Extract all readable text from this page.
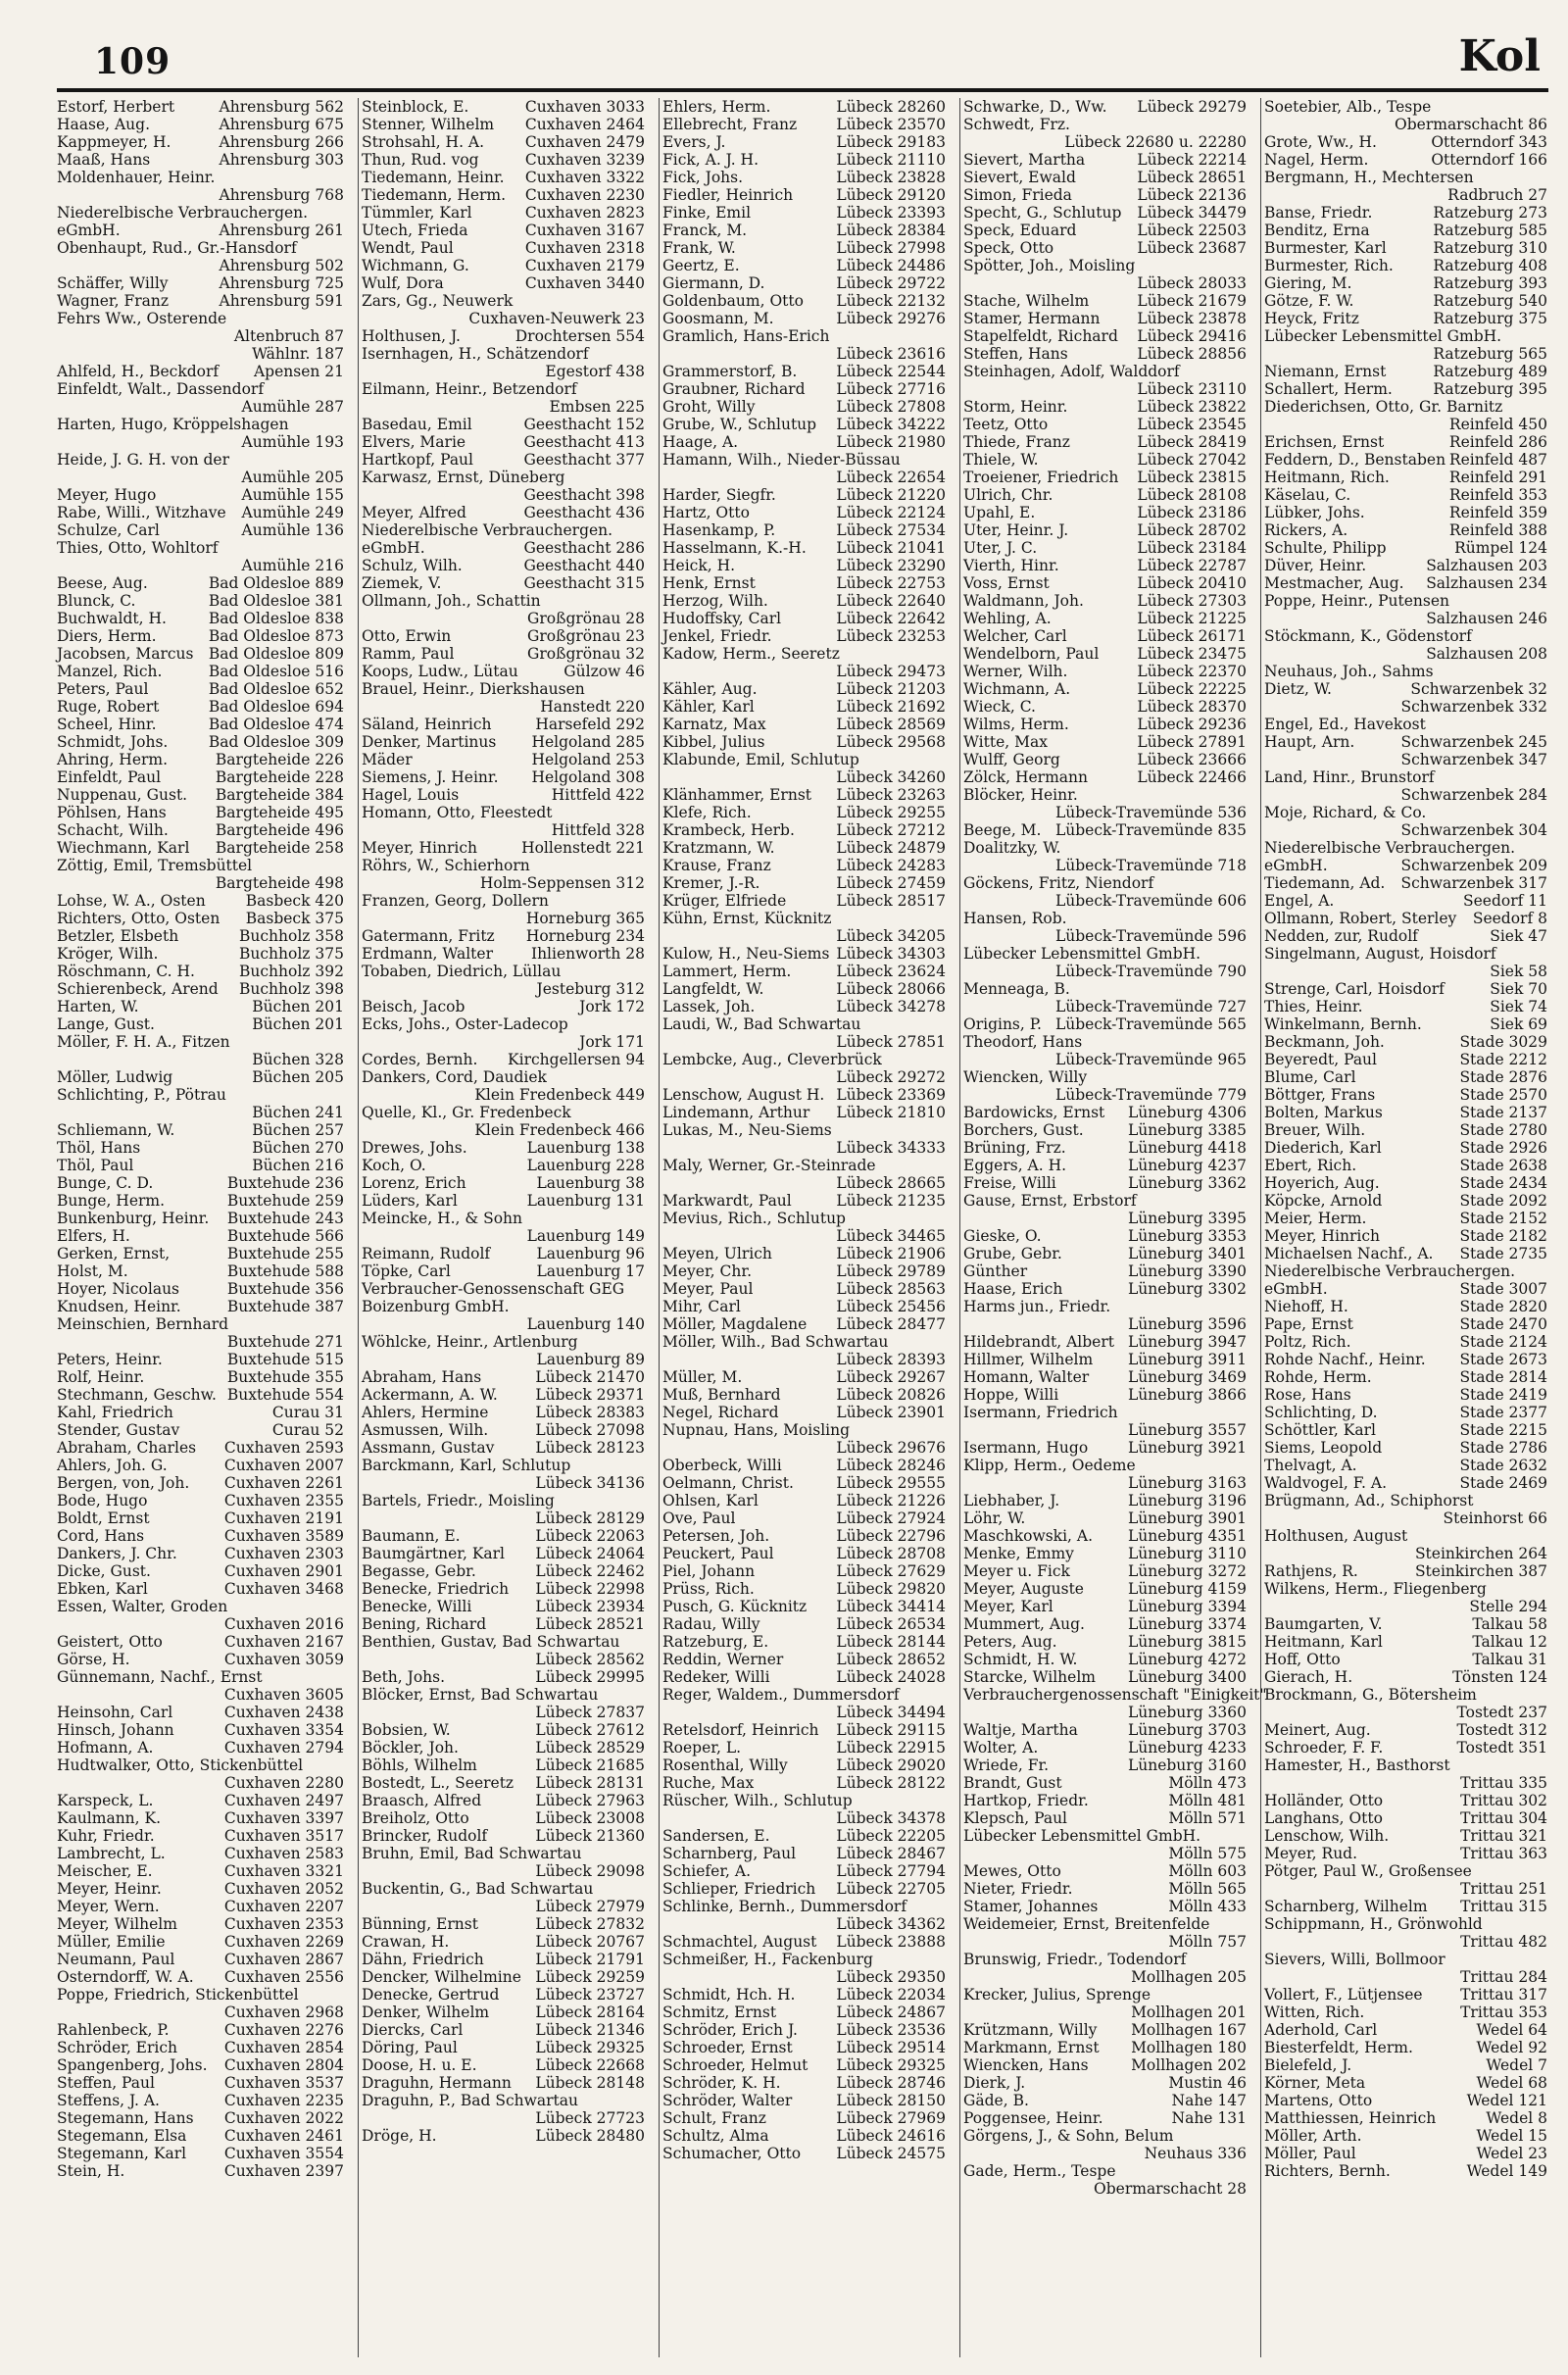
109	Kol
Estorf, Herbert	Ahrensburg 562
Haase, Aug.	Ahrensburg 675
Kappmeyer, H.	Ahrensburg 266
Maaß, Hans	Ahrensburg 303
Moldenhauer, Heinr.
Ahrensburg 768
Niederelbische Verbrauchergen.
eGmbH.	Ahrensburg 261
Obenhaupt, Rud., Gr.-Hansdorf
Ahrensburg 502
Schäffer, Willy	Ahrensburg 725
Wagner, Franz	Ahrensburg 591
Fehrs Ww., Osterende
Altenbruch 87
Wählnr. 187
Ahlfeld, H., Beckdorf Apensen 21
Einfeldt, Walt., Dassendorf
Aumühle 287
Harten, Hugo, Kröppelshagen
Aumühle 193
Heide, J. G. H. von der
Aumühle 205
Meyer, Hugo	Aumühle 155
Rabe, Willi., Witzhave Aumühle 249
Schulze, Carl	Aumühle 136
Thies, Otto, Wohltorf
Aumühle 216
Beese, Aug.	Bad Oldesloe 889
Blunck, C.	Bad Oldesloe 381
Buchwaldt, H.	Bad Oldesloe 838
Diers, Herm.	Bad Oldesloe 873
Jacobsen, Marcus Bad Oldesloe 809
Manzel, Rich.	Bad Oldesloe 516
Peters, Paul	Bad Oldesloe 652
Ruge, Robert	Bad Oldesloe 694
Scheel, Hinr.	Bad Oldesloe 474
Schmidt, Johs.	Bad Oldesloe 309
Ahring, Herm.	Bargteheide 226
Einfeldt, Paul	Bargteheide 228
Nuppenau, Gust. Bargteheide 384
Pöhlsen, Hans	Bargteheide 495
Schacht, Wilh.	Bargteheide 496
Wiechmann, Karl Bargteheide 258
Zöttig, Emil, Tremsbüttel
Bargteheide 498
Lohse, W. A., Osten	Basbeck 420
Richters, Otto, Osten Basbeck 375
Betzler, Elsbeth	Buchholz 358
Kröger, Wilh.	Buchholz 375
Röschmann, C. H.	Buchholz 392
Schierenbeck, Arend Buchholz 398
Harten, W.	Büchen 201
Lange, Gust.	Büchen 201
Möller, F. H. A., Fitzen
Büchen 328
Möller, Ludwig	Büchen 205
Schlichting, P., Pötrau
Büchen 241
Schliemann, W.	Büchen 257
Thöl, Hans	Büchen 270
Thöl, Paul	Büchen 216
Bunge, C. D.	Buxtehude 236
Bunge, Herm.	Buxtehude 259
Bunkenburg, Heinr. Buxtehude 243
Elfers, H.	Buxtehude 566
Gerken, Ernst,	Buxtehude 255
Holst, M.	Buxtehude 588
Hoyer, Nicolaus	Buxtehude 356
Knudsen, Heinr.	Buxtehude 387
Meinschien, Bernhard
Buxtehude 271
Peters, Heinr.	Buxtehude 515
Rolf, Heinr.	Buxtehude 355
Stechmann, Geschw. Buxtehude 554
Kahl, Friedrich	Curau 31
Stender, Gustav	Curau 52
Abraham, Charles Cuxhaven 2593
Ahlers, Joh. G.	Cuxhaven 2007
Bergen, von, Joh. Cuxhaven 2261
Bode, Hugo	Cuxhaven 2355
Boldt, Ernst	Cuxhaven 2191
Cord, Hans	Cuxhaven 3589
Dankers, J. Chr.	Cuxhaven 2303
Dicke, Gust.	Cuxhaven 2901
Ebken, Karl	Cuxhaven 3468
Essen, Walter, Groden
Cuxhaven 2016
Geistert, Otto	Cuxhaven 2167
Görse, H.	Cuxhaven 3059
Günnemann, Nachf., Ernst
Cuxhaven 3605
Heinsohn, Carl	Cuxhaven 2438
Hinsch, Johann	Cuxhaven 3354
Hofmann, A.	Cuxhaven 2794
Hudtwalker, Otto, Stickenbüttel
Cuxhaven 2280
Karspeck, L.	Cuxhaven 2497
Kaulmann, K.	Cuxhaven 3397
Kuhr, Friedr.	Cuxhaven 3517
Lambrecht, L.	Cuxhaven 2583
Meischer, E.	Cuxhaven 3321
Meyer, Heinr.	Cuxhaven 2052
Meyer, Wern.	Cuxhaven 2207
Meyer, Wilhelm	Cuxhaven 2353
Müller, Emilie	Cuxhaven 2269
Neumann, Paul	Cuxhaven 2867
Osterndorff, W. A. Cuxhaven 2556
Poppe, Friedrich, Stickenbüttel
Cuxhaven 2968
Rahlenbeck, P.	Cuxhaven 2276
Schröder, Erich	Cuxhaven 2854
Spangenberg, Johs. Cuxhaven 2804
Steffen, Paul	Cuxhaven 3537
Steffens, J. A.	Cuxhaven 2235
Stegemann, Hans Cuxhaven 2022
Stegemann, Elsa Cuxhaven 2461
Stegemann, Karl	Cuxhaven 3554
Stein, H.	Cuxhaven 2397
Steinblock, E.	Cuxhaven 3033
Stenner, Wilhelm Cuxhaven 2464
Strohsahl, H. A.	Cuxhaven 2479
Thun, Rud. vog	Cuxhaven 3239
Tiedemann, Heinr. Cuxhaven 3322
Tiedemann, Herm. Cuxhaven 2230
Tümmler, Karl	Cuxhaven 2823
Utech, Frieda	Cuxhaven 3167
Wendt, Paul	Cuxhaven 2318
Wichmann, G.	Cuxhaven 2179
Wulf, Dora	Cuxhaven 3440
Zars, Gg., Neuwerk
Cuxhaven-Neuwerk 23
Holthusen, J.	Drochtersen 554
Isernhagen, H., Schätzendorf
Egestorf 438
Eilmann, Heinr., Betzendorf
Embsen 225
Basedau, Emil	Geesthacht 152
Elvers, Marie	Geesthacht 413
Hartkopf, Paul	Geesthacht 377
Karwasz, Ernst, Düneberg
Geesthacht 398
Meyer, Alfred	Geesthacht 436
Niederelbische Verbrauchergen.
eGmbH.	Geesthacht 286
Schulz, Wilh.	Geesthacht 440
Ziemek, V.	Geesthacht 315
Ollmann, Joh., Schattin
Großgrönau 28
Otto, Erwin	Großgrönau 23
Ramm, Paul	Großgrönau 32
Koops, Ludw., Lütau	Gülzow 46
Brauel, Heinr., Dierkshausen
Hanstedt 220
Säland, Heinrich	Harsefeld 292
Denker, Martinus Helgoland 285
Mäder	Helgoland 253
Siemens, J. Heinr. Helgoland 308
Hagel, Louis	Hittfeld 422
Homann, Otto, Fleestedt
Hittfeld 328
Meyer, Hinrich	Hollenstedt 221
Röhrs, W., Schierhorn
Holm-Seppensen 312
Franzen, Georg, Dollern
Horneburg 365
Gatermann, Fritz Horneburg 234
Erdmann, Walter	Ihlienworth 28
Tobaben, Diedrich, Lüllau
Jesteburg 312
Beisch, Jacob	Jork 172
Ecks, Johs., Oster-Ladecop
Jork 171
Cordes, Bernh. Kirchgellersen 94
Dankers, Cord, Daudiek
Klein Fredenbeck 449
Quelle, Kl., Gr. Fredenbeck
Klein Fredenbeck 466
Drewes, Johs.	Lauenburg 138
Koch, O.	Lauenburg 228
Lorenz, Erich	Lauenburg 38
Lüders, Karl	Lauenburg 131
Meincke, H., & Sohn
Lauenburg 149
Reimann, Rudolf	Lauenburg 96
Töpke, Carl	Lauenburg 17
Verbraucher-Genossenschaft GEG
Boizenburg GmbH.
Lauenburg 140
Wöhlcke, Heinr., Artlenburg
Lauenburg 89
Abraham, Hans	Lübeck 21470
Ackermann, A. W. Lübeck 29371
Ahlers, Hermine	Lübeck 28383
Asmussen, Wilh.	Lübeck 27098
Assmann, Gustav	Lübeck 28123
Barckmann, Karl, Schlutup
Lübeck 34136
Bartels, Friedr., Moisling
Lübeck 28129
Baumann, E.	Lübeck 22063
Baumgärtner, Karl Lübeck 24064
Begasse, Gebr.	Lübeck 22462
Benecke, Friedrich Lübeck 22998
Benecke, Willi	Lübeck 23934
Bening, Richard	Lübeck 28521
Benthien, Gustav, Bad Schwartau
Lübeck 28562
Beth, Johs.	Lübeck 29995
Blöcker, Ernst, Bad Schwartau
Lübeck 27837
Bobsien, W.	Lübeck 27612
Böckler, Joh.	Lübeck 28529
Böhls, Wilhelm	Lübeck 21685
Bostedt, L., Seeretz Lübeck 28131
Braasch, Alfred	Lübeck 27963
Breiholz, Otto	Lübeck 23008
Brincker, Rudolf	Lübeck 21360
Bruhn, Emil, Bad Schwartau
Lübeck 29098
Buckentin, G., Bad Schwartau
Lübeck 27979
Bünning, Ernst	Lübeck 27832
Crawan, H.	Lübeck 20767
Dähn, Friedrich	Lübeck 21791
Dencker, Wilhelmine Lübeck 29259
Denecke, Gertrud Lübeck 23727
Denker, Wilhelm	Lübeck 28164
Diercks, Carl	Lübeck 21346
Döring, Paul	Lübeck 29325
Doose, H. u. E.	Lübeck 22668
Draguhn, Hermann Lübeck 28148
Draguhn, P., Bad Schwartau
Lübeck 27723
Dröge, H.	Lübeck 28480
Ehlers, Herm.	Lübeck 28260
Ellebrecht, Franz	Lübeck 23570
Evers, J.	Lübeck 29183
Fick, A. J. H.	Lübeck 21110
Fick, Johs.	Lübeck 23828
Fiedler, Heinrich	Lübeck 29120
Finke, Emil	Lübeck 23393
Franck, M.	Lübeck 28384
Frank, W.	Lübeck 27998
Geertz, E.	Lübeck 24486
Giermann, D.	Lübeck 29722
Goldenbaum, Otto Lübeck 22132
Goosmann, M.	Lübeck 29276
Gramlich, Hans-Erich
Lübeck 23616
Grammerstorf, B.	Lübeck 22544
Graubner, Richard Lübeck 27716
Groht, Willy	Lübeck 27808
Grube, W., Schlutup Lübeck 34222
Haage, A.	Lübeck 21980
Hamann, Wilh., Nieder-Büssau
Lübeck 22654
Harder, Siegfr.	Lübeck 21220
Hartz, Otto	Lübeck 22124
Hasenkamp, P.	Lübeck 27534
Hasselmann, K.-H. Lübeck 21041
Heick, H.	Lübeck 23290
Henk, Ernst	Lübeck 22753
Herzog, Wilh.	Lübeck 22640
Hudoffsky, Carl	Lübeck 22642
Jenkel, Friedr.	Lübeck 23253
Kadow, Herm., Seeretz
Lübeck 29473
Kähler, Aug.	Lübeck 21203
Kähler, Karl	Lübeck 21692
Karnatz, Max	Lübeck 28569
Kibbel, Julius	Lübeck 29568
Klabunde, Emil, Schlutup
Lübeck 34260
Klänhammer, Ernst Lübeck 23263
Klefe, Rich.	Lübeck 29255
Krambeck, Herb.	Lübeck 27212
Kratzmann, W.	Lübeck 24879
Krause, Franz	Lübeck 24283
Kremer, J.-R.	Lübeck 27459
Krüger, Elfriede	Lübeck 28517
Kühn, Ernst, Kücknitz
Lübeck 34205
Kulow, H., Neu-Siems Lübeck 34303
Lammert, Herm.	Lübeck 23624
Langfeldt, W.	Lübeck 28066
Lassek, Joh.	Lübeck 34278
Laudi, W., Bad Schwartau
Lübeck 27851
Lembcke, Aug., Cleverbrück
Lübeck 29272
Lenschow, August H. Lübeck 23369
Lindemann, Arthur Lübeck 21810
Lukas, M., Neu-Siems
Lübeck 34333
Maly, Werner, Gr.-Steinrade
Lübeck 28665
Markwardt, Paul	Lübeck 21235
Mevius, Rich., Schlutup
Lübeck 34465
Meyen, Ulrich	Lübeck 21906
Meyer, Chr.	Lübeck 29789
Meyer, Paul	Lübeck 28563
Mihr, Carl	Lübeck 25456
Möller, Magdalene Lübeck 28477
Möller, Wilh., Bad Schwartau
Lübeck 28393
Müller, M.	Lübeck 29267
Muß, Bernhard	Lübeck 20826
Negel, Richard	Lübeck 23901
Nupnau, Hans, Moisling
Lübeck 29676
Oberbeck, Willi	Lübeck 28246
Oelmann, Christ.	Lübeck 29555
Ohlsen, Karl	Lübeck 21226
Ove, Paul	Lübeck 27924
Petersen, Joh.	Lübeck 22796
Peuckert, Paul	Lübeck 28708
Piel, Johann	Lübeck 27629
Prüss, Rich.	Lübeck 29820
Pusch, G. Kücknitz Lübeck 34414
Radau, Willy	Lübeck 26534
Ratzeburg, E.	Lübeck 28144
Reddin, Werner	Lübeck 28652
Redeker, Willi	Lübeck 24028
Reger, Waldem., Dummersdorf
Lübeck 34494
Retelsdorf, Heinrich Lübeck 29115
Roeper, L.	Lübeck 22915
Rosenthal, Willy	Lübeck 29020
Ruche, Max	Lübeck 28122
Rüscher, Wilh., Schlutup
Lübeck 34378
Sandersen, E.	Lübeck 22205
Scharnberg, Paul	Lübeck 28467
Schiefer, A.	Lübeck 27794
Schlieper, Friedrich Lübeck 22705
Schlinke, Bernh., Dummersdorf
Lübeck 34362
Schmachtel, August Lübeck 23888
Schmeißer, H., Fackenburg
Lübeck 29350
Schmidt, Hch. H.	Lübeck 22034
Schmitz, Ernst	Lübeck 24867
Schröder, Erich J.	Lübeck 23536
Schroeder, Ernst	Lübeck 29514
Schroeder, Helmut Lübeck 29325
Schröder, K. H.	Lübeck 28746
Schröder, Walter	Lübeck 28150
Schult, Franz	Lübeck 27969
Schultz, Alma	Lübeck 24616
Schumacher, Otto Lübeck 24575
Schwarke, D., Ww. Lübeck 29279
Schwedt, Frz.
Lübeck 22680 u. 22280
Sievert, Martha	Lübeck 22214
Sievert, Ewald	Lübeck 28651
Simon, Frieda	Lübeck 22136
Specht, G., Schlutup Lübeck 34479
Speck, Eduard	Lübeck 22503
Speck, Otto	Lübeck 23687
Spötter, Joh., Moisling
Lübeck 28033
Stache, Wilhelm	Lübeck 21679
Stamer, Hermann Lübeck 23878
Stapelfeldt, Richard Lübeck 29416
Steffen, Hans	Lübeck 28856
Steinhagen, Adolf, Walddorf
Lübeck 23110
Storm, Heinr.	Lübeck 23822
Teetz, Otto	Lübeck 23545
Thiede, Franz	Lübeck 28419
Thiele, W.	Lübeck 27042
Troeiener, Friedrich Lübeck 23815
Ulrich, Chr.	Lübeck 28108
Upahl, E.	Lübeck 23186
Uter, Heinr. J.	Lübeck 28702
Uter, J. C.	Lübeck 23184
Vierth, Hinr.	Lübeck 22787
Voss, Ernst	Lübeck 20410
Waldmann, Joh.	Lübeck 27303
Wehling, A.	Lübeck 21225
Welcher, Carl	Lübeck 26171
Wendelborn, Paul	Lübeck 23475
Werner, Wilh.	Lübeck 22370
Wichmann, A.	Lübeck 22225
Wieck, C.	Lübeck 28370
Wilms, Herm.	Lübeck 29236
Witte, Max	Lübeck 27891
Wulff, Georg	Lübeck 23666
Zölck, Hermann	Lübeck 22466
Blöcker, Heinr.
Lübeck-Travemünde 536
Beege, M. Lübeck-Travemünde 835
Doalitzky, W.
Lübeck-Travemünde 718
Göckens, Fritz, Niendorf
Lübeck-Travemünde 606
Hansen, Rob.
Lübeck-Travemünde 596
Lübecker Lebensmittel GmbH.
Lübeck-Travemünde 790
Menneaga, B.
Lübeck-Travemünde 727
Origins, P. Lübeck-Travemünde 565
Theodorf, Hans
Lübeck-Travemünde 965
Wiencken, Willy
Lübeck-Travemünde 779
Bardowicks, Ernst Lüneburg 4306
Borchers, Gust.	Lüneburg 3385
Brüning, Frz.	Lüneburg 4418
Eggers, A. H.	Lüneburg 4237
Freise, Willi	Lüneburg 3362
Gause, Ernst, Erbstorf
Lüneburg 3395
Gieske, O.	Lüneburg 3353
Grube, Gebr.	Lüneburg 3401
Günther	Lüneburg 3390
Haase, Erich	Lüneburg 3302
Harms jun., Friedr.
Lüneburg 3596
Hildebrandt, Albert Lüneburg 3947
Hillmer, Wilhelm Lüneburg 3911
Homann, Walter	Lüneburg 3469
Hoppe, Willi	Lüneburg 3866
Isermann, Friedrich
Lüneburg 3557
Isermann, Hugo	Lüneburg 3921
Klipp, Herm., Oedeme
Lüneburg 3163
Liebhaber, J.	Lüneburg 3196
Löhr, W.	Lüneburg 3901
Maschkowski, A. Lüneburg 4351
Menke, Emmy	Lüneburg 3110
Meyer u. Fick	Lüneburg 3272
Meyer, Auguste	Lüneburg 4159
Meyer, Karl	Lüneburg 3394
Mummert, Aug.	Lüneburg 3374
Peters, Aug.	Lüneburg 3815
Schmidt, H. W.	Lüneburg 4272
Starcke, Wilhelm Lüneburg 3400
Verbrauchergenossenschaft "Einigkeit"
Lüneburg 3360
Waltje, Martha	Lüneburg 3703
Wolter, A.	Lüneburg 4233
Wriede, Fr.	Lüneburg 3160
Brandt, Gust	Mölln 473
Hartkop, Friedr.	Mölln 481
Klepsch, Paul	Mölln 571
Lübecker Lebensmittel GmbH.
Mölln 575
Mewes, Otto	Mölln 603
Nieter, Friedr.	Mölln 565
Stamer, Johannes	Mölln 433
Weidemeier, Ernst, Breitenfelde
Mölln 757
Brunswig, Friedr., Todendorf
Mollhagen 205
Krecker, Julius, Sprenge
Mollhagen 201
Krützmann, Willy Mollhagen 167
Markmann, Ernst Mollhagen 180
Wiencken, Hans	Mollhagen 202
Dierk, J.	Mustin 46
Gäde, B.	Nahe 147
Poggensee, Heinr.	Nahe 131
Görgens, J., & Sohn, Belum
Neuhaus 336
Gade, Herm., Tespe
Obermarschacht 28
Soetebier, Alb., Tespe
Obermarschacht 86
Grote, Ww., H.	Otterndorf 343
Nagel, Herm.	Otterndorf 166
Bergmann, H., Mechtersen
Radbruch 27
Banse, Friedr.	Ratzeburg 273
Benditz, Erna	Ratzeburg 585
Burmester, Karl	Ratzeburg 310
Burmester, Rich.	Ratzeburg 408
Giering, M.	Ratzeburg 393
Götze, F. W.	Ratzeburg 540
Heyck, Fritz	Ratzeburg 375
Lübecker Lebensmittel GmbH.
Ratzeburg 565
Niemann, Ernst	Ratzeburg 489
Schallert, Herm.	Ratzeburg 395
Diederichsen, Otto, Gr. Barnitz
Reinfeld 450
Erichsen, Ernst	Reinfeld 286
Feddern, D., Benstaben Reinfeld 487
Heitmann, Rich.	Reinfeld 291
Käselau, C.	Reinfeld 353
Lübker, Johs.	Reinfeld 359
Rickers, A.	Reinfeld 388
Schulte, Philipp	Rümpel 124
Düver, Heinr.	Salzhausen 203
Mestmacher, Aug. Salzhausen 234
Poppe, Heinr., Putensen
Salzhausen 246
Stöckmann, K., Gödenstorf
Salzhausen 208
Neuhaus, Joh., Sahms
Schwarzenbek 32
Dietz, W.
Schwarzenbek 332
Engel, Ed., Havekost
Schwarzenbek 245
Haupt, Arn.
Schwarzenbek 347
Land, Hinr., Brunstorf
Schwarzenbek 284
Moje, Richard, & Co.
Schwarzenbek 304
Niederelbische Verbrauchergen.
eGmbH.	Schwarzenbek 209
Tiedemann, Ad. Schwarzenbek 317
Engel, A.	Seedorf 11
Ollmann, Robert, Sterley Seedorf 8
Nedden, zur, Rudolf	Siek 47
Singelmann, August, Hoisdorf
Siek 58
Strenge, Carl, Hoisdorf	Siek 70
Thies, Heinr.	Siek 74
Winkelmann, Bernh.	Siek 69
Beckmann, Joh.	Stade 3029
Beyeredt, Paul	Stade 2212
Blume, Carl	Stade 2876
Böttger, Frans	Stade 2570
Bolten, Markus	Stade 2137
Breuer, Wilh.	Stade 2780
Diederich, Karl	Stade 2926
Ebert, Rich.	Stade 2638
Hoyerich, Aug.	Stade 2434
Köpcke, Arnold	Stade 2092
Meier, Herm.	Stade 2152
Meyer, Hinrich	Stade 2182
Michaelsen Nachf., A. Stade 2735
Niederelbische Verbrauchergen.
eGmbH.	Stade 3007
Niehoff, H.	Stade 2820
Pape, Ernst	Stade 2470
Poltz, Rich.	Stade 2124
Rohde Nachf., Heinr. Stade 2673
Rohde, Herm.	Stade 2814
Rose, Hans	Stade 2419
Schlichting, D.	Stade 2377
Schöttler, Karl	Stade 2215
Siems, Leopold	Stade 2786
Thelvagt, A.	Stade 2632
Waldvogel, F. A.	Stade 2469
Brügmann, Ad., Schiphorst
Steinhorst 66
Holthusen, August
Steinkirchen 264
Rathjens, R.	Steinkirchen 387
Wilkens, Herm., Fliegenberg
Stelle 294
Baumgarten, V.	Talkau 58
Heitmann, Karl	Talkau 12
Hoff, Otto	Talkau 31
Gierach, H.	Tönsten 124
Brockmann, G., Bötersheim
Tostedt 237
Meinert, Aug.	Tostedt 312
Schroeder, F. F.	Tostedt 351
Hamester, H., Basthorst
Trittau 335
Holländer, Otto	Trittau 302
Langhans, Otto	Trittau 304
Lenschow, Wilh.	Trittau 321
Meyer, Rud.	Trittau 363
Pötger, Paul W., Großensee
Trittau 251
Scharnberg, Wilhelm Trittau 315
Schippmann, H., Grönwohld
Trittau 482
Sievers, Willi, Bollmoor
Trittau 284
Vollert, F., Lütjensee Trittau 317
Witten, Rich.	Trittau 353
Aderhold, Carl	Wedel 64
Biesterfeldt, Herm.	Wedel 92
Bielefeld, J.	Wedel 7
Körner, Meta	Wedel 68
Martens, Otto	Wedel 121
Matthiessen, Heinrich	Wedel 8
Möller, Arth.	Wedel 15
Möller, Paul	Wedel 23
Richters, Bernh.	Wedel 149
